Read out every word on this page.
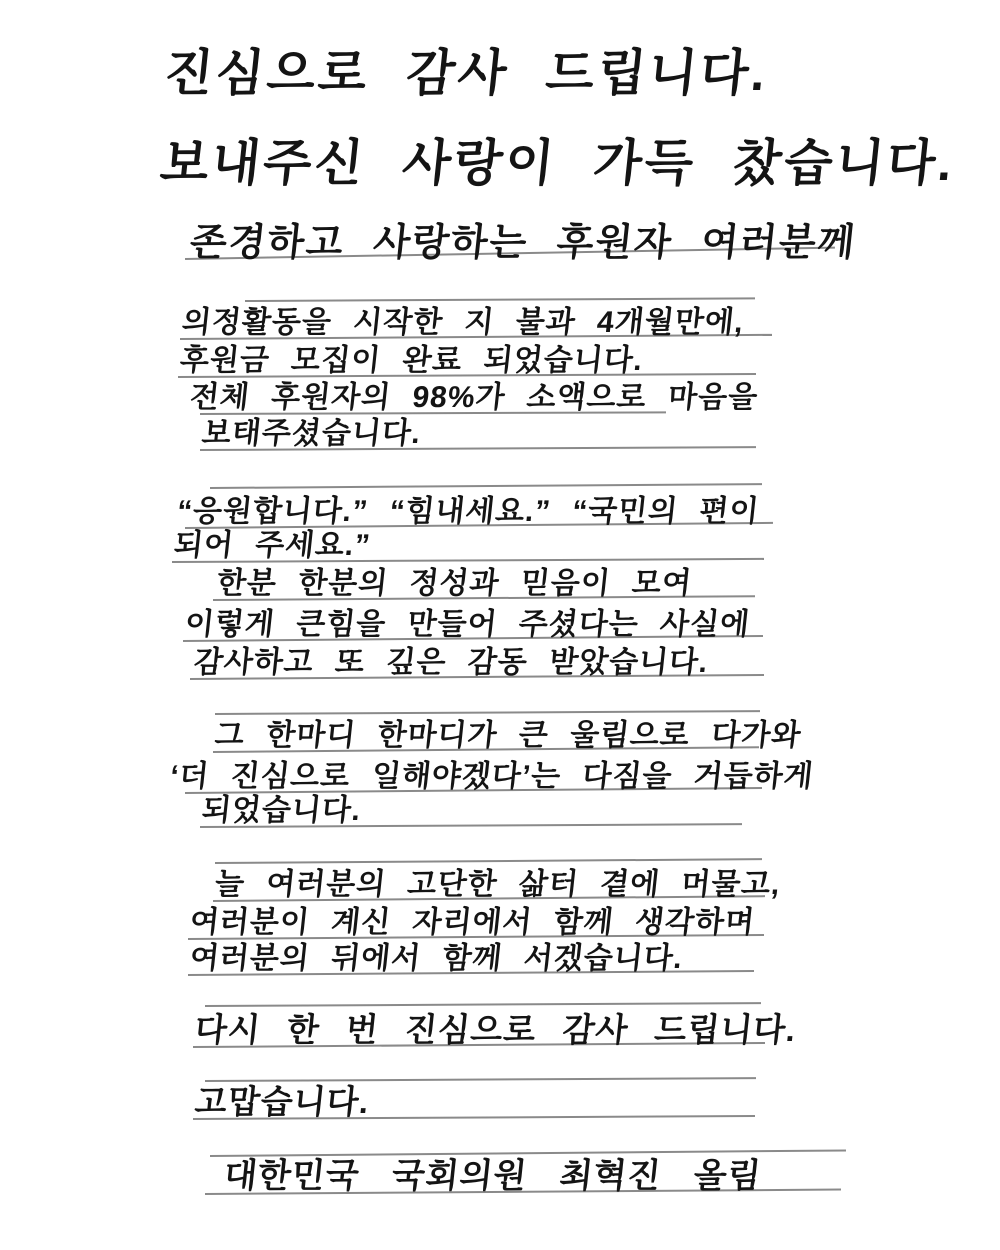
진심으로 감사 드립니다.
보내주신 사랑이 가득 찼습니다.
존경하고 사랑하는 후원자 여러분께
의정활동을 시작한 지 불과 4개월만에,
후원금 모집이 완료 되었습니다.
전체 후원자의 98%가 소액으로 마음을
보태주셨습니다.
“응원합니다.” “힘내세요.” “국민의 편이
되어 주세요.”
한분 한분의 정성과 믿음이 모여
이렇게 큰힘을 만들어 주셨다는 사실에
감사하고 또 깊은 감동 받았습니다.
그 한마디 한마디가 큰 울림으로 다가와
‘더 진심으로 일해야겠다’는 다짐을 거듭하게
되었습니다.
늘 여러분의 고단한 삶터 곁에 머물고,
여러분이 계신 자리에서 함께 생각하며
여러분의 뒤에서 함께 서겠습니다.
다시 한 번 진심으로 감사 드립니다.
고맙습니다.
대한민국 국회의원 최혁진 올림
